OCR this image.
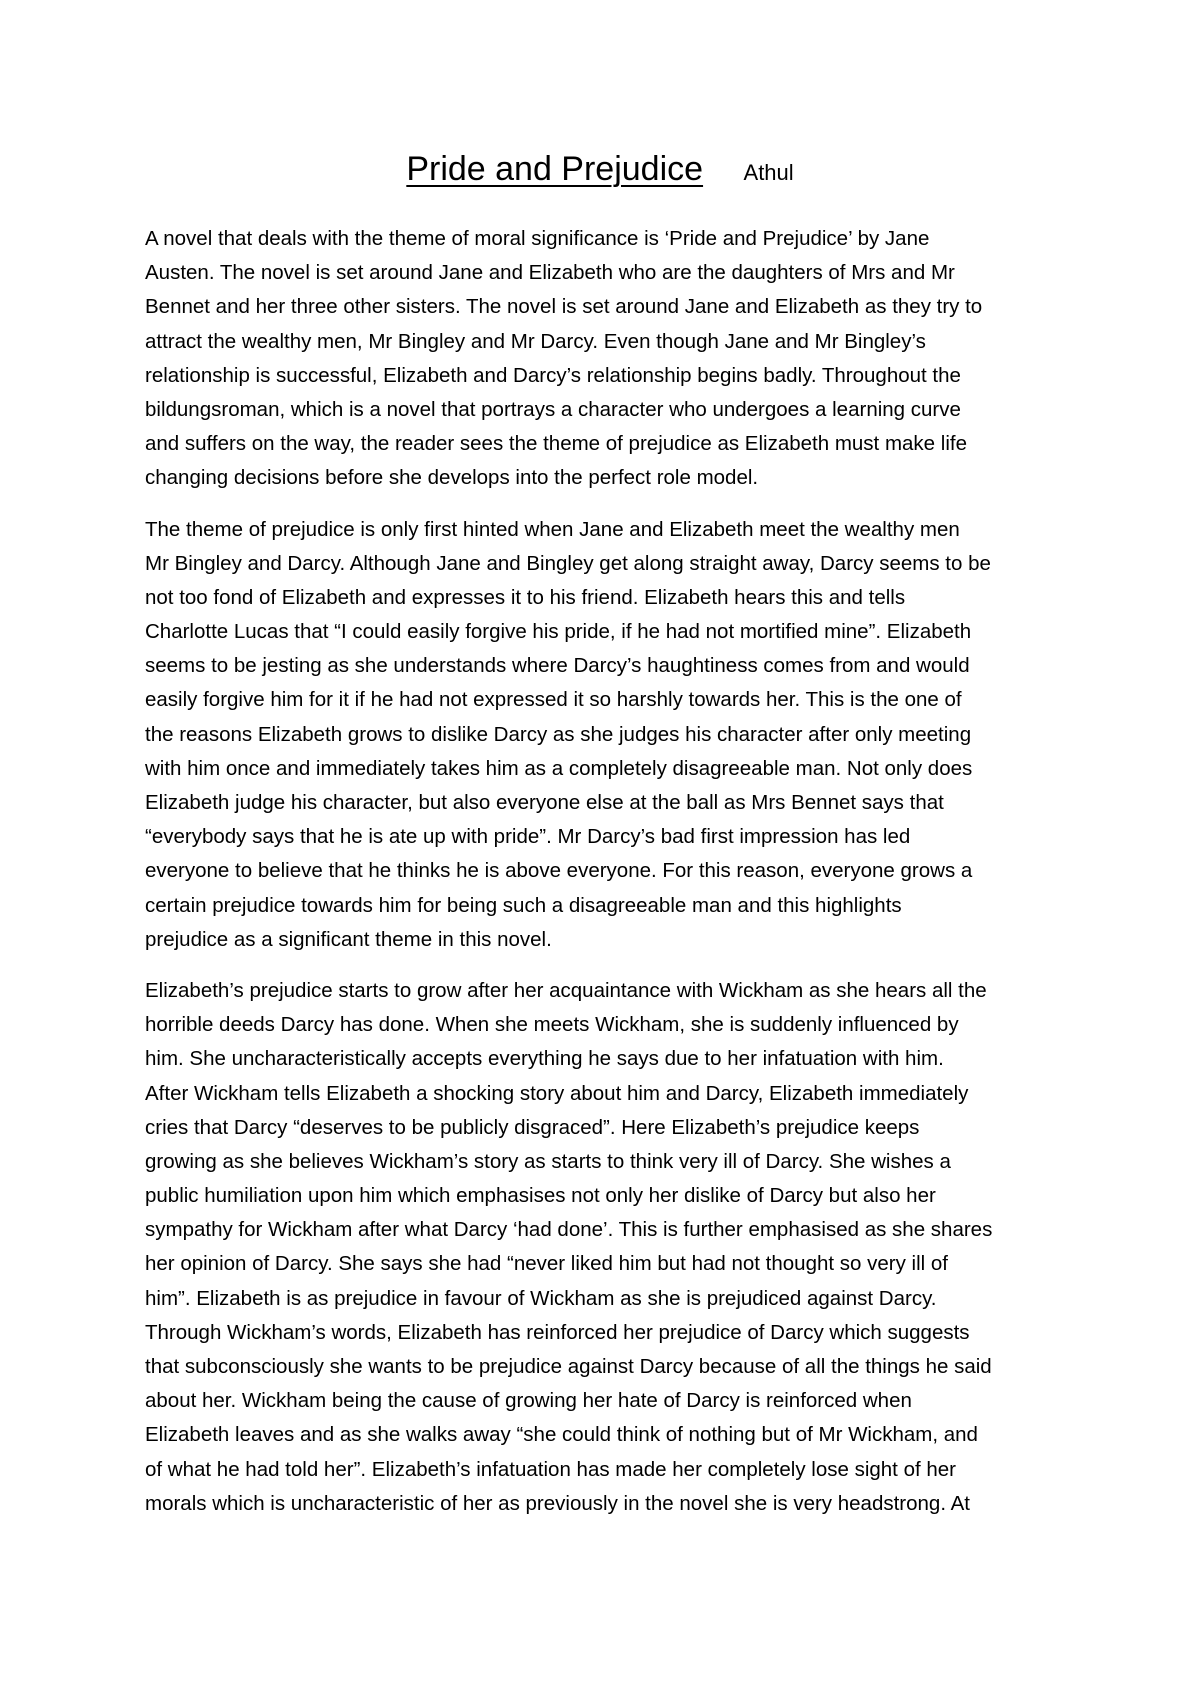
Pride and Prejudice Athul
A novel that deals with the theme of moral significance is ‘Pride and Prejudice’ by Jane
Austen. The novel is set around Jane and Elizabeth who are the daughters of Mrs and Mr
Bennet and her three other sisters. The novel is set around Jane and Elizabeth as they try to
attract the wealthy men, Mr Bingley and Mr Darcy. Even though Jane and Mr Bingley’s
relationship is successful, Elizabeth and Darcy’s relationship begins badly. Throughout the
bildungsroman, which is a novel that portrays a character who undergoes a learning curve
and suffers on the way, the reader sees the theme of prejudice as Elizabeth must make life
changing decisions before she develops into the perfect role model.
The theme of prejudice is only first hinted when Jane and Elizabeth meet the wealthy men
Mr Bingley and Darcy. Although Jane and Bingley get along straight away, Darcy seems to be
not too fond of Elizabeth and expresses it to his friend. Elizabeth hears this and tells
Charlotte Lucas that “I could easily forgive his pride, if he had not mortified mine”. Elizabeth
seems to be jesting as she understands where Darcy’s haughtiness comes from and would
easily forgive him for it if he had not expressed it so harshly towards her. This is the one of
the reasons Elizabeth grows to dislike Darcy as she judges his character after only meeting
with him once and immediately takes him as a completely disagreeable man. Not only does
Elizabeth judge his character, but also everyone else at the ball as Mrs Bennet says that
“everybody says that he is ate up with pride”. Mr Darcy’s bad first impression has led
everyone to believe that he thinks he is above everyone. For this reason, everyone grows a
certain prejudice towards him for being such a disagreeable man and this highlights
prejudice as a significant theme in this novel.
Elizabeth’s prejudice starts to grow after her acquaintance with Wickham as she hears all the
horrible deeds Darcy has done. When she meets Wickham, she is suddenly influenced by
him. She uncharacteristically accepts everything he says due to her infatuation with him.
After Wickham tells Elizabeth a shocking story about him and Darcy, Elizabeth immediately
cries that Darcy “deserves to be publicly disgraced”. Here Elizabeth’s prejudice keeps
growing as she believes Wickham’s story as starts to think very ill of Darcy. She wishes a
public humiliation upon him which emphasises not only her dislike of Darcy but also her
sympathy for Wickham after what Darcy ‘had done’. This is further emphasised as she shares
her opinion of Darcy. She says she had “never liked him but had not thought so very ill of
him”. Elizabeth is as prejudice in favour of Wickham as she is prejudiced against Darcy.
Through Wickham’s words, Elizabeth has reinforced her prejudice of Darcy which suggests
that subconsciously she wants to be prejudice against Darcy because of all the things he said
about her. Wickham being the cause of growing her hate of Darcy is reinforced when
Elizabeth leaves and as she walks away “she could think of nothing but of Mr Wickham, and
of what he had told her”. Elizabeth’s infatuation has made her completely lose sight of her
morals which is uncharacteristic of her as previously in the novel she is very headstrong. At
